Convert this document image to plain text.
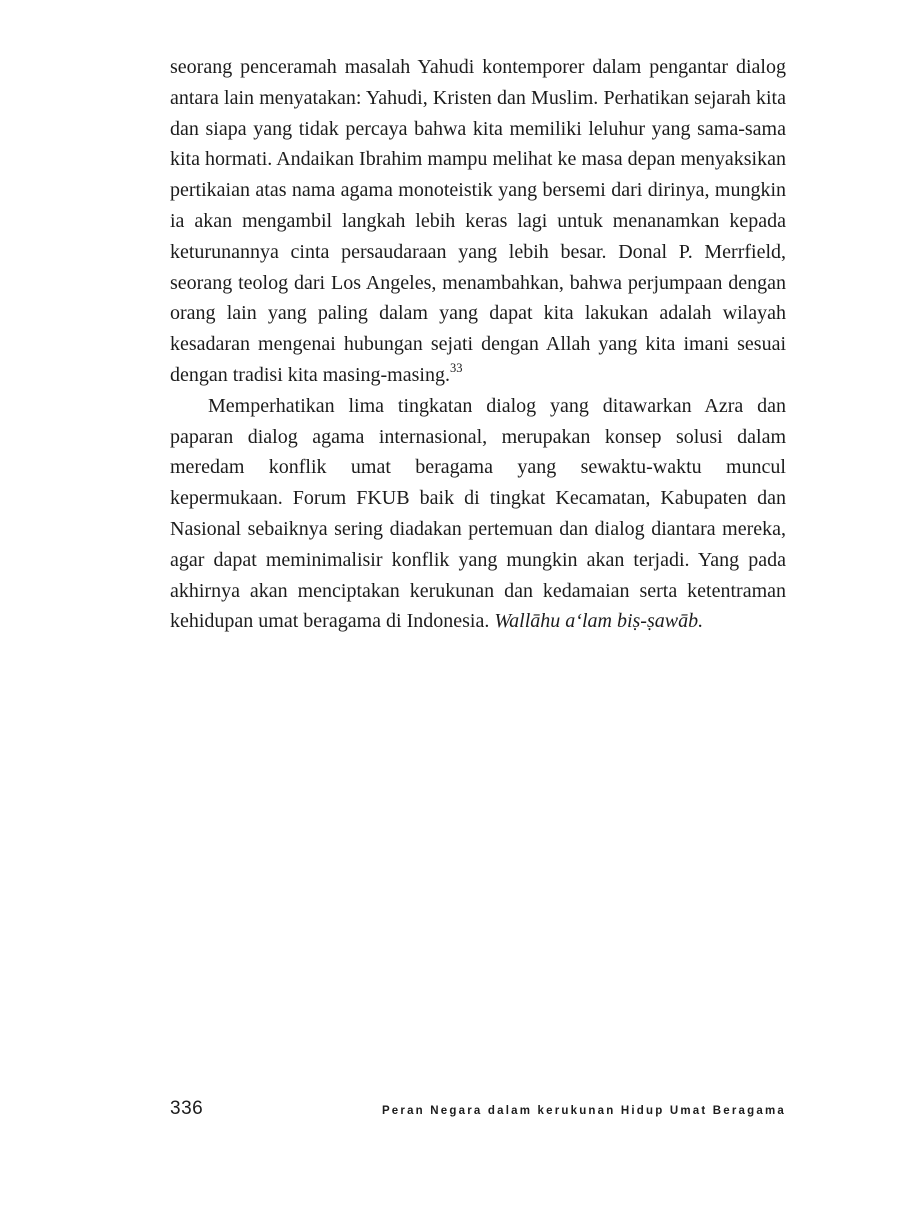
seorang penceramah masalah Yahudi kontemporer dalam pengantar dialog antara lain menyatakan: Yahudi, Kristen dan Muslim. Perhatikan sejarah kita dan siapa yang tidak percaya bahwa kita memiliki leluhur yang sama-sama kita hormati. Andaikan Ibrahim mampu melihat ke masa depan menyaksikan pertikaian atas nama agama monoteistik yang bersemi dari dirinya, mungkin ia akan mengambil langkah lebih keras lagi untuk menanamkan kepada keturunannya cinta persaudaraan yang lebih besar. Donal P. Merrfield, seorang teolog dari Los Angeles, menambahkan, bahwa perjumpaan dengan orang lain yang paling dalam yang dapat kita lakukan adalah wilayah kesadaran mengenai hubungan sejati dengan Allah yang kita imani sesuai dengan tradisi kita masing-masing.$^{33}$

Memperhatikan lima tingkatan dialog yang ditawarkan Azra dan paparan dialog agama internasional, merupakan konsep solusi dalam meredam konflik umat beragama yang sewaktu-waktu muncul kepermukaan. Forum FKUB baik di tingkat Kecamatan, Kabupaten dan Nasional sebaiknya sering diadakan pertemuan dan dialog diantara mereka, agar dapat meminimalisir konflik yang mungkin akan terjadi. Yang pada akhirnya akan menciptakan kerukunan dan kedamaian serta ketentraman kehidupan umat beragama di Indonesia. Wallāhu a‘lam biṣ-ṣawāb.

336	Peran Negara dalam kerukunan Hidup Umat Beragama
